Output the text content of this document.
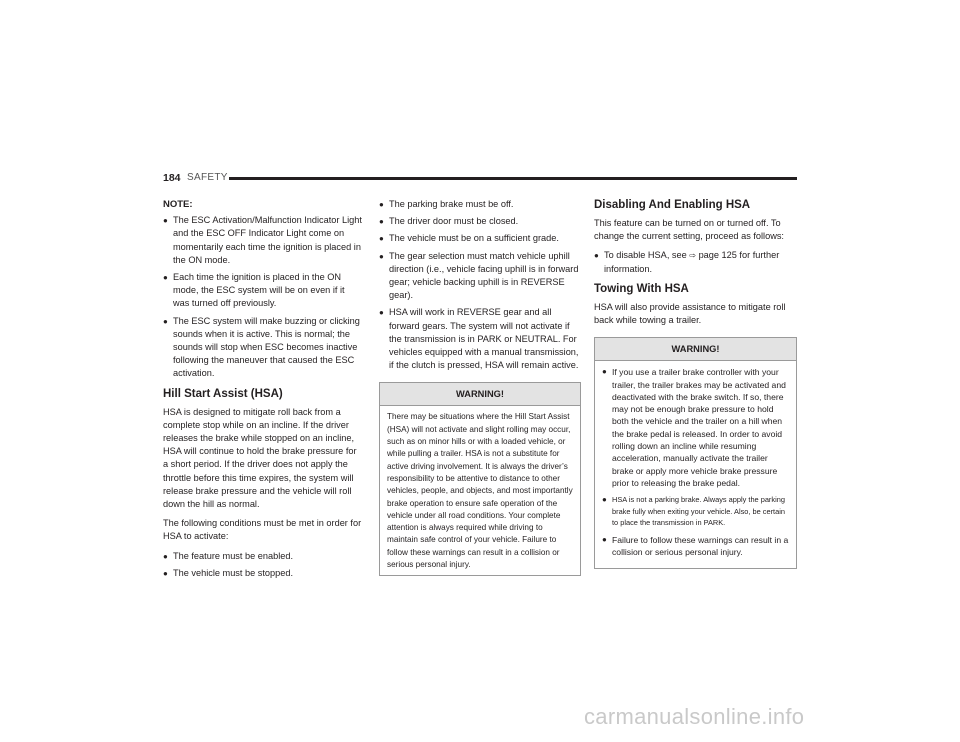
184 SAFETY
NOTE:
● The ESC Activation/Malfunction Indicator Light and the ESC OFF Indicator Light come on momentarily each time the ignition is placed in the ON mode.
● Each time the ignition is placed in the ON mode, the ESC system will be on even if it was turned off previously.
● The ESC system will make buzzing or clicking sounds when it is active. This is normal; the sounds will stop when ESC becomes inactive following the maneuver that caused the ESC activation.
Hill Start Assist (HSA)

HSA is designed to mitigate roll back from a complete stop while on an incline. If the driver releases the brake while stopped on an incline, HSA will continue to hold the brake pressure for a short period. If the driver does not apply the throttle before this time expires, the system will release brake pressure and the vehicle will roll down the hill as normal.

The following conditions must be met in order for HSA to activate:

● The feature must be enabled.
● The vehicle must be stopped.
● The parking brake must be off.
● The driver door must be closed.
● The vehicle must be on a sufficient grade.
● The gear selection must match vehicle uphill direction (i.e., vehicle facing uphill is in forward gear; vehicle backing uphill is in REVERSE gear).
● HSA will work in REVERSE gear and all forward gears. The system will not activate if the transmission is in PARK or NEUTRAL. For vehicles equipped with a manual transmission, if the clutch is pressed, HSA will remain active.
WARNING!
There may be situations where the Hill Start Assist (HSA) will not activate and slight rolling may occur, such as on minor hills or with a loaded vehicle, or while pulling a trailer. HSA is not a substitute for active driving involvement. It is always the driver’s responsibility to be attentive to distance to other vehicles, people, and objects, and most importantly brake operation to ensure safe operation of the vehicle under all road conditions. Your complete attention is always required while driving to maintain safe control of your vehicle. Failure to follow these warnings can result in a collision or serious personal injury.
Disabling And Enabling HSA

This feature can be turned on or turned off. To change the current setting, proceed as follows:

● To disable HSA, see ⇨ page 125 for further information.
Towing With HSA

HSA will also provide assistance to mitigate roll back while towing a trailer.

WARNING!
● If you use a trailer brake controller with your trailer, the trailer brakes may be activated and deactivated with the brake switch. If so, there may not be enough brake pressure to hold both the vehicle and the trailer on a hill when the brake pedal is released. In order to avoid rolling down an incline while resuming acceleration, manually activate the trailer brake or apply more vehicle brake pressure prior to releasing the brake pedal.
● HSA is not a parking brake. Always apply the parking brake fully when exiting your vehicle. Also, be certain to place the transmission in PARK.
● Failure to follow these warnings can result in a collision or serious personal injury.
carmanualsonline.info
